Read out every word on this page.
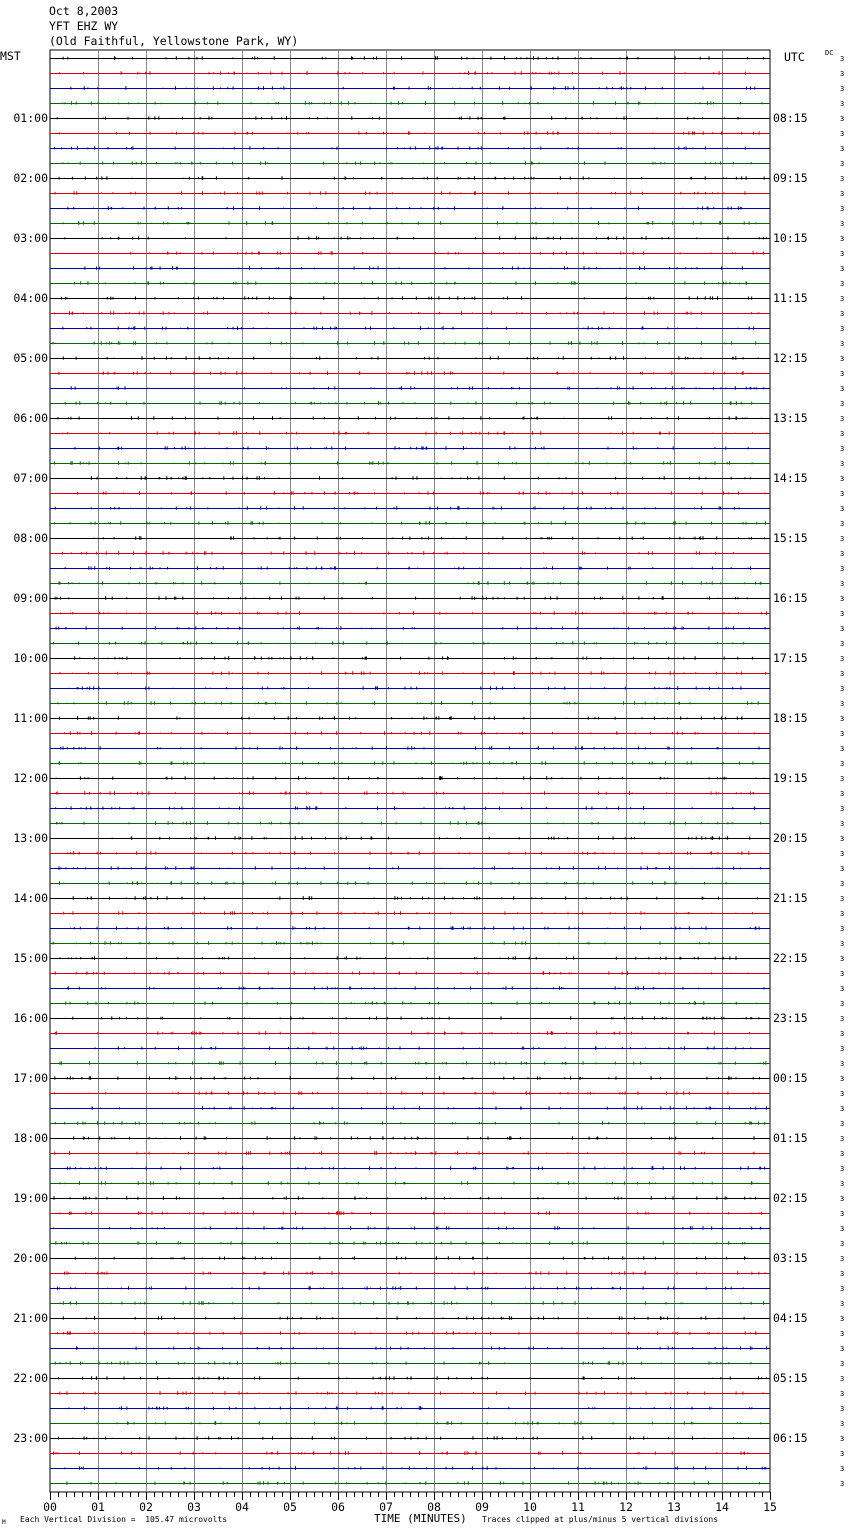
Oct 8,2003
YFT EHZ WY
(Old Faithful, Yellowstone Park, WY)
MST	UTC	DC
01:00
02:00
03:00
04:00
05:00
06:00
07:00
08:00
09:00
10:00
11:00
12:00
13:00
14:00
15:00
16:00
17:00
18:00
19:00
20:00
21:00
22:00
23:00
08:15
09:15
10:15
11:15
12:15
13:15
14:15
15:15
16:15
17:15
18:15
19:15
20:15
21:15
22:15
23:15
00:15
01:15
02:15
03:15
04:15
05:15
06:15
3
3
3
3
3
3
3
3
3
3
3
3
3
3
3
3
3
3
3
3
3
3
3
3
3
3
3
3
3
3
3
3
3
3
3
3
3
3
3
3
3
3
3
3
3
3
3
3
3
3
3
3
3
3
3
3
3
3
3
3
3
3
3
3
3
3
3
3
3
3
3
3
3
3
3
3
3
3
3
3
3
3
3
3
3
3
3
3
3
3
3
3
3
3
3
3
00	01	02	03	04	05	06	07	08	09	10	11	12	13	14	15
M Each Vertical Division =  105.47 microvolts	TIME (MINUTES) Traces clipped at plus/minus 5 vertical divisions
